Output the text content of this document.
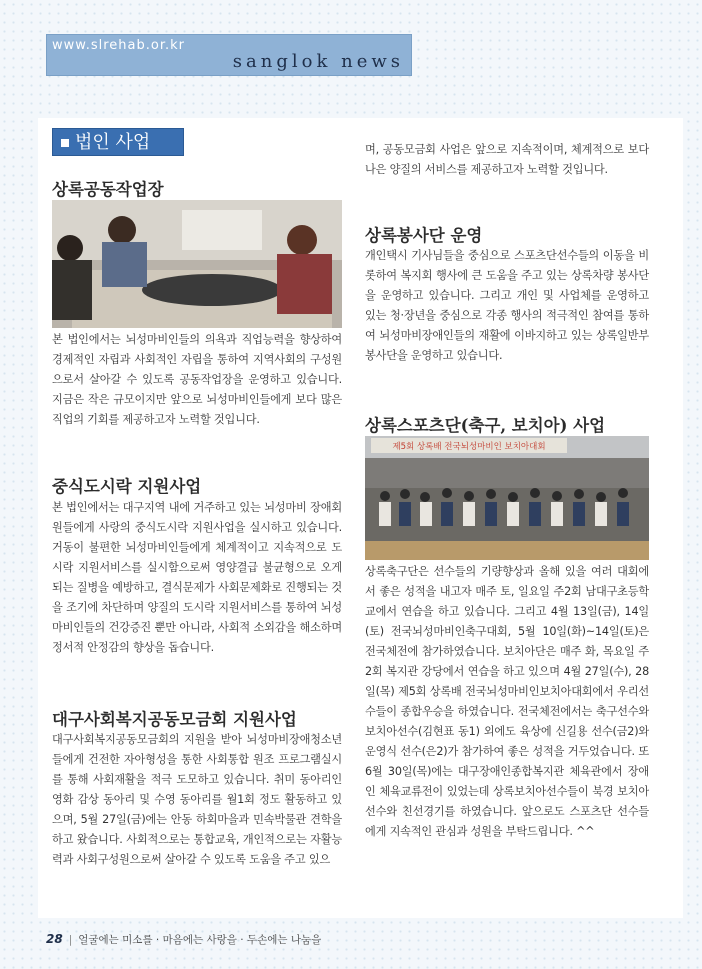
www.slrehab.or.kr
sanglok news
법인 사업
상록공동작업장

본 법인에서는 뇌성마비인들의 의욕과 직업능력을 향상하여 경제적인 자립과 사회적인 자립을 통하여 지역사회의 구성원으로서 살아갈 수 있도록 공동작업장을 운영하고 있습니다. 지금은 작은 규모이지만 앞으로 뇌성마비인들에게 보다 많은 직업의 기회를 제공하고자 노력할 것입니다.

중식도시락 지원사업

본 법인에서는 대구지역 내에 거주하고 있는 뇌성마비 장애회원들에게 사랑의 중식도시락 지원사업을 실시하고 있습니다. 거동이 불편한 뇌성마비인들에게 체계적이고 지속적으로 도시락 지원서비스를 실시함으로써 영양결급 불균형으로 오게 되는 질병을 예방하고, 결식문제가 사회문제화로 진행되는 것을 조기에 차단하며 양질의 도시락 지원서비스를 통하여 뇌성마비인들의 건강증진 뿐만 아니라, 사회적 소외감을 해소하며 정서적 안정감의 향상을 돕습니다.

대구사회복지공동모금회 지원사업

대구사회복지공동모금회의 지원을 받아 뇌성마비장애청소년들에게 건전한 자아형성을 통한 사회통합 원조 프로그램실시를 통해 사회재활을 적극 도모하고 있습니다. 취미 동아리인 영화 감상 동아리 및 수영 동아리를 월1회 정도 활동하고 있으며, 5월 27일(금)에는 안동 하회마을과 민속박물관 견학을 하고 왔습니다. 사회적으로는 통합교육, 개인적으로는 자활능력과 사회구성원으로써 살아갈 수 있도록 도움을 주고 있으

며, 공동모금회 사업은 앞으로 지속적이며, 체계적으로 보다 나은 양질의 서비스를 제공하고자 노력할 것입니다.

상록봉사단 운영

개인택시 기사님들을 중심으로 스포츠단선수들의 이동을 비롯하여 복지회 행사에 큰 도움을 주고 있는 상록차량 봉사단을 운영하고 있습니다. 그리고 개인 및 사업체를 운영하고 있는 청·장년을 중심으로 각종 행사의 적극적인 참여를 통하여 뇌성마비장애인들의 재활에 이바지하고 있는 상록일반부봉사단을 운영하고 있습니다.

상록스포츠단(축구, 보치아) 사업
제5회 상록배 전국뇌성마비인 보치아대회

상록축구단은 선수들의 기량향상과 올해 있을 여러 대회에서 좋은 성적을 내고자 매주 토, 일요일 주2회 남대구초등학교에서 연습을 하고 있습니다. 그리고 4월 13일(금), 14일(토) 전국뇌성마비인축구대회, 5월 10일(화)~14일(토)은 전국체전에 참가하였습니다. 보치아단은 매주 화, 목요일 주2회 복지관 강당에서 연습을 하고 있으며 4월 27일(수), 28일(목) 제5회 상록배 전국뇌성마비인보치아대회에서 우리선수들이 종합우승을 하였습니다. 전국체전에서는 축구선수와 보치아선수(김현표 동1) 외에도 육상에 신길용 선수(금2)와 운영식 선수(은2)가 참가하여 좋은 성적을 거두었습니다. 또 6월 30일(목)에는 대구장애인종합복지관 체육관에서 장애인 체육교류전이 있었는데 상록보치아선수들이 북경 보치아선수와 친선경기를 하였습니다. 앞으로도 스포츠단 선수들에게 지속적인 관심과 성원을 부탁드립니다. ^^

28 | 얼굴에는 미소를 · 마음에는 사랑을 · 두손에는 나눔을
